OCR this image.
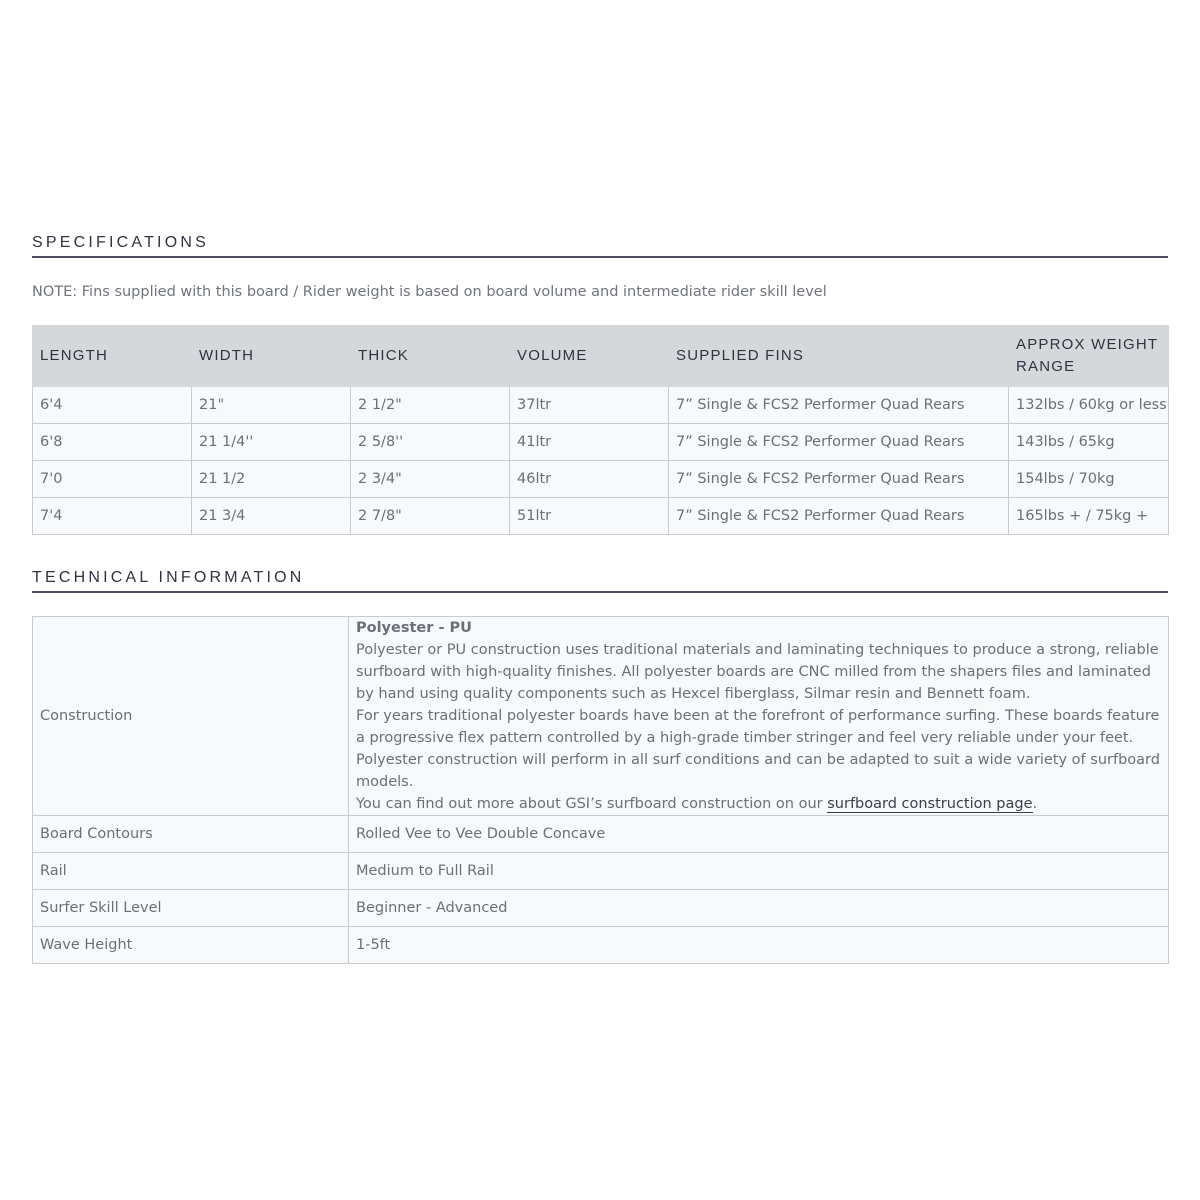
SPECIFICATIONS
NOTE: Fins supplied with this board / Rider weight is based on board volume and intermediate rider skill level
LENGTH	WIDTH	THICK	VOLUME	SUPPLIED FINS	APPROX WEIGHT RANGE
6'4	21"	2 1/2"	37ltr	7” Single & FCS2 Performer Quad Rears	132lbs / 60kg or less
6'8	21 1/4''	2 5/8''	41ltr	7” Single & FCS2 Performer Quad Rears	143lbs / 65kg
7'0	21 1/2	2 3/4"	46ltr	7” Single & FCS2 Performer Quad Rears	154lbs / 70kg
7'4	21 3/4	2 7/8"	51ltr	7” Single & FCS2 Performer Quad Rears	165lbs + / 75kg +
TECHNICAL INFORMATION
Construction	Polyester - PU

Polyester or PU construction uses traditional materials and laminating techniques to produce a strong, reliable surfboard with high-quality finishes. All polyester boards are CNC milled from the shapers files and laminated by hand using quality components such as Hexcel fiberglass, Silmar resin and Bennett foam.

For years traditional polyester boards have been at the forefront of performance surfing. These boards feature a progressive flex pattern controlled by a high-grade timber stringer and feel very reliable under your feet. Polyester construction will perform in all surf conditions and can be adapted to suit a wide variety of surfboard models.

You can find out more about GSI’s surfboard construction on our surfboard construction page.

Board Contours	Rolled Vee to Vee Double Concave
Rail	Medium to Full Rail
Surfer Skill Level	Beginner - Advanced
Wave Height	1-5ft
